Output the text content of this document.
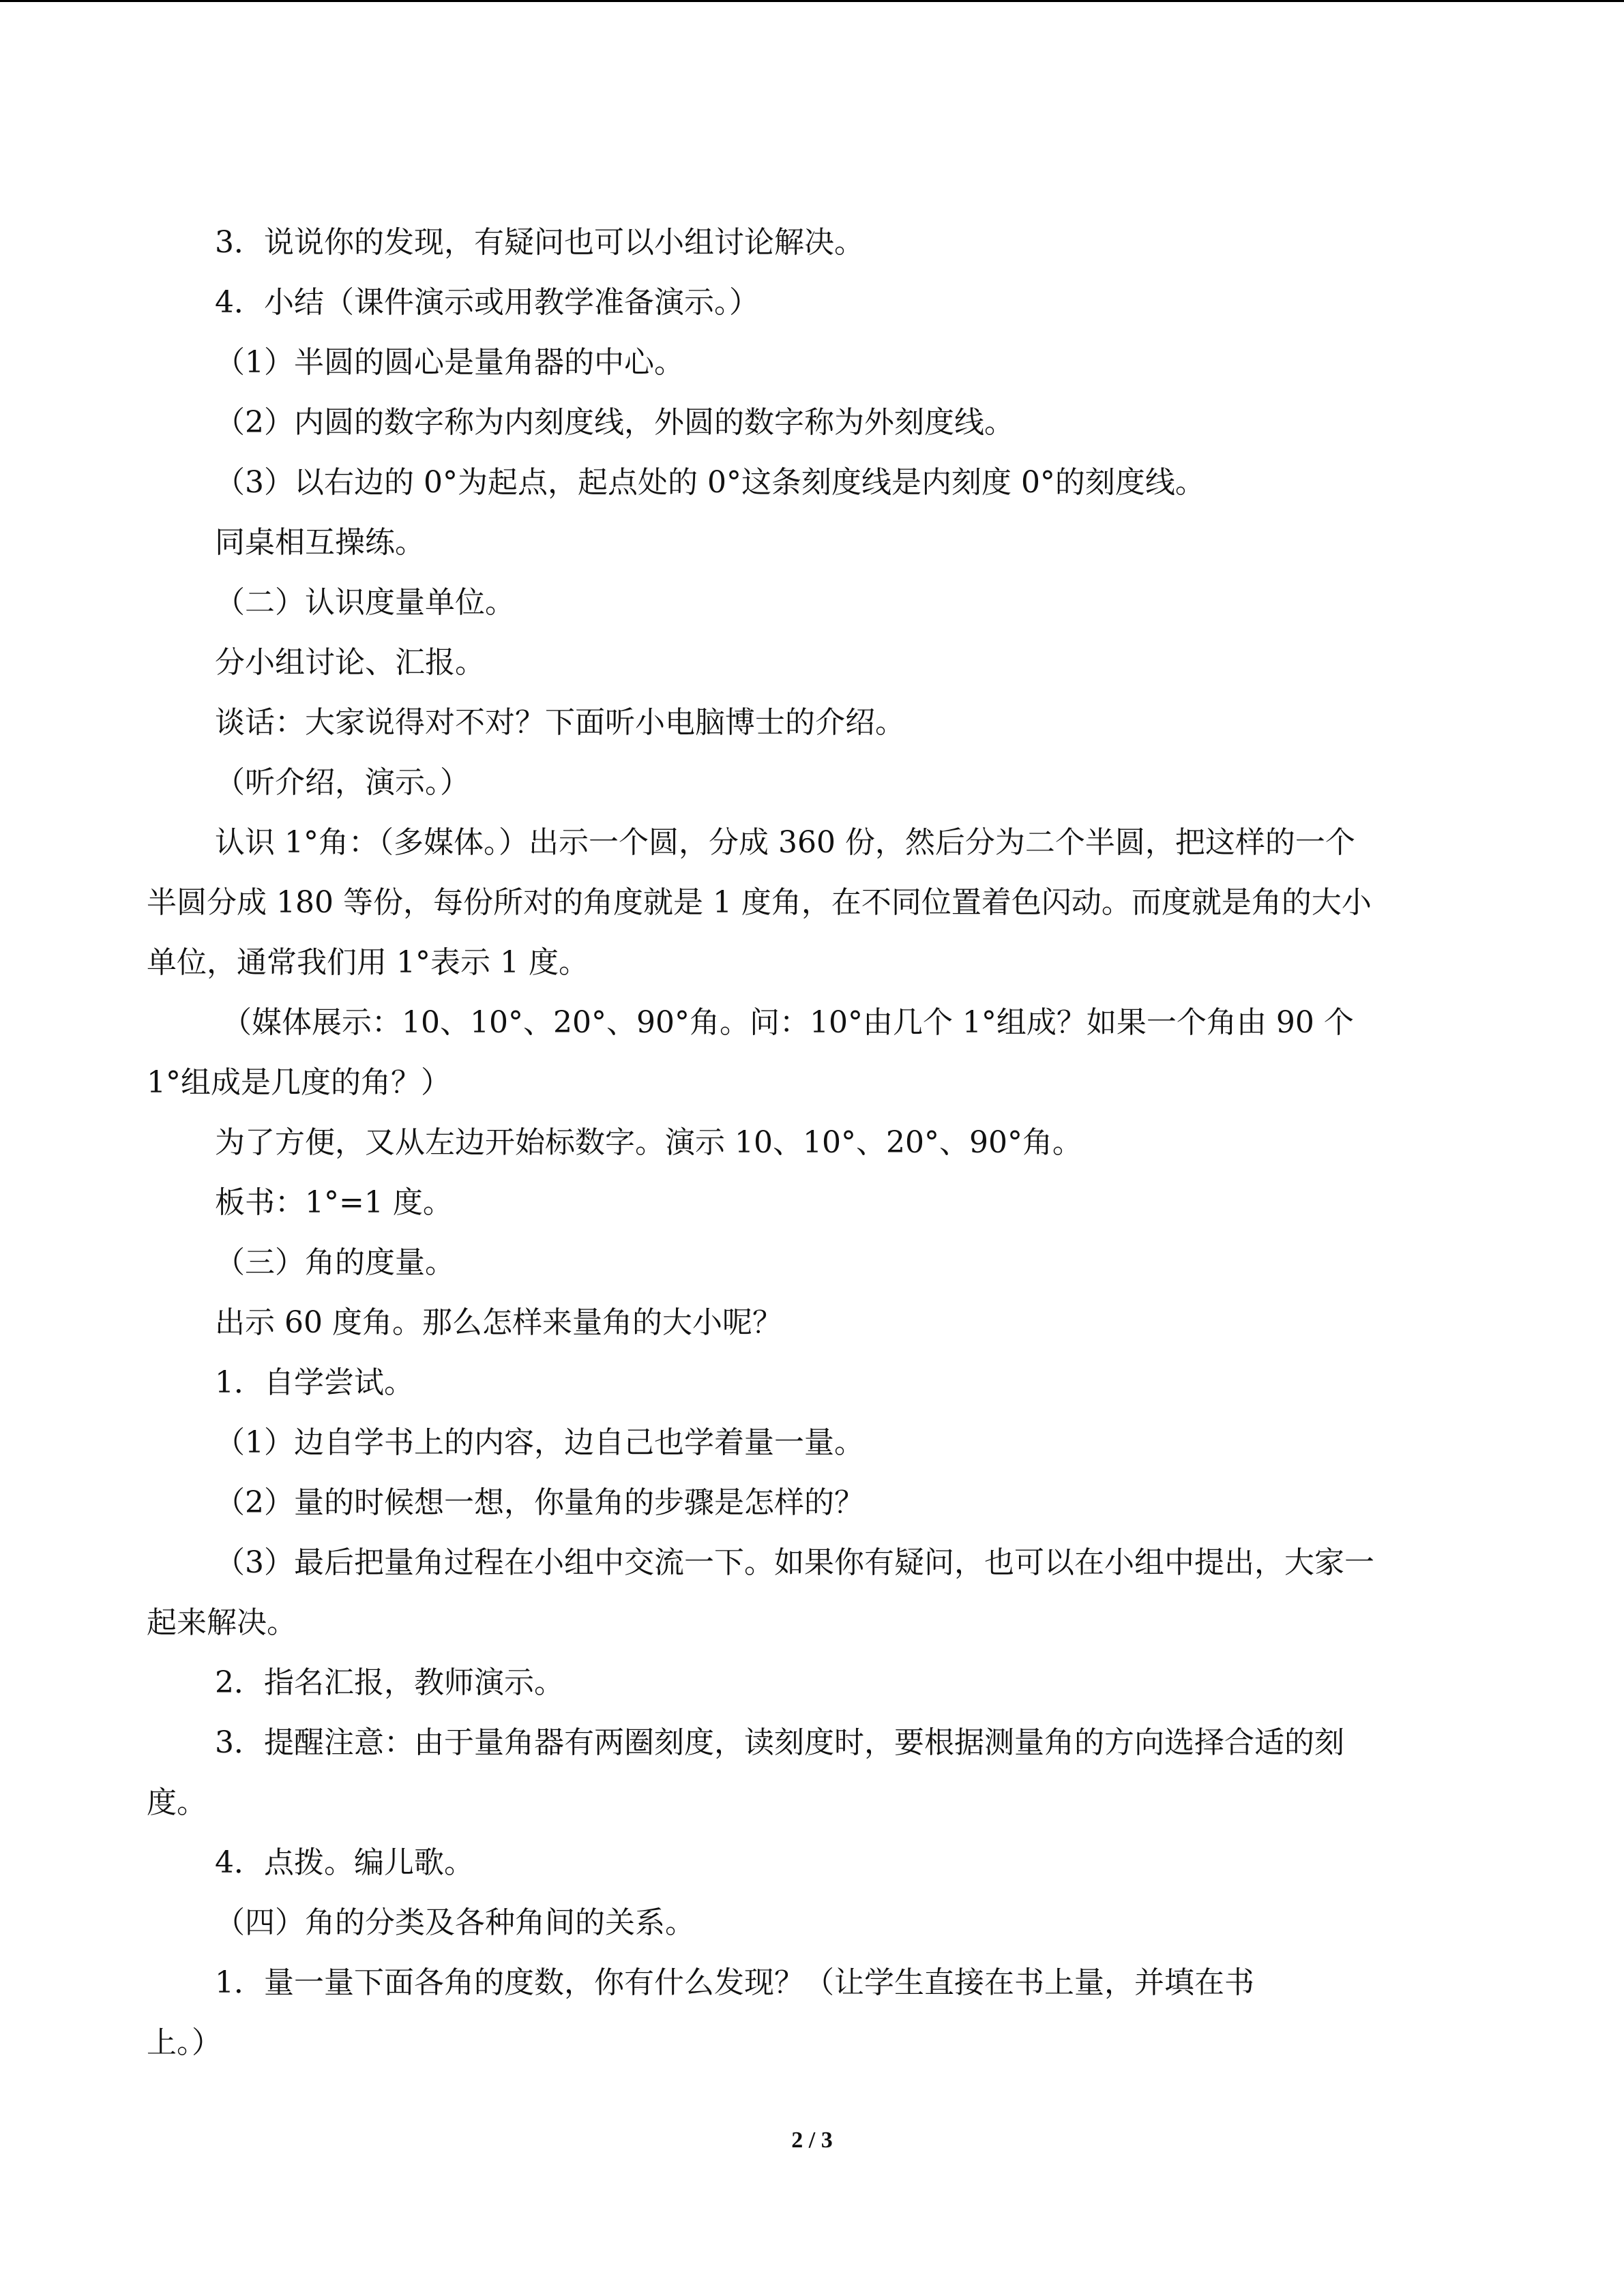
3．说说你的发现，有疑问也可以小组讨论解决。

4．小结（课件演示或用教学准备演示。）

（1）半圆的圆心是量角器的中心。

（2）内圆的数字称为内刻度线，外圆的数字称为外刻度线。

（3）以右边的 0°为起点，起点处的 0°这条刻度线是内刻度 0°的刻度线。

同桌相互操练。

（二）认识度量单位。

分小组讨论、汇报。

谈话：大家说得对不对？下面听小电脑博士的介绍。

（听介绍，演示。）

认识 1°角：（多媒体。）出示一个圆，分成 360 份，然后分为二个半圆，把这样的一个

半圆分成 180 等份，每份所对的角度就是 1 度角，在不同位置着色闪动。而度就是角的大小

单位，通常我们用 1°表示 1 度。

（媒体展示：10、10°、20°、90°角。问：10°由几个 1°组成？如果一个角由 90 个

1°组成是几度的角？）

为了方便，又从左边开始标数字。演示 10、10°、20°、90°角。

板书：1°=1 度。

（三）角的度量。

出示 60 度角。那么怎样来量角的大小呢？

1．自学尝试。

（1）边自学书上的内容，边自己也学着量一量。

（2）量的时候想一想，你量角的步骤是怎样的？

（3）最后把量角过程在小组中交流一下。如果你有疑问，也可以在小组中提出，大家一

起来解决。

2．指名汇报，教师演示。

3．提醒注意：由于量角器有两圈刻度，读刻度时，要根据测量角的方向选择合适的刻

度。

4．点拨。编儿歌。

（四）角的分类及各种角间的关系。

1．量一量下面各角的度数，你有什么发现？（让学生直接在书上量，并填在书

上。）

2 / 3
